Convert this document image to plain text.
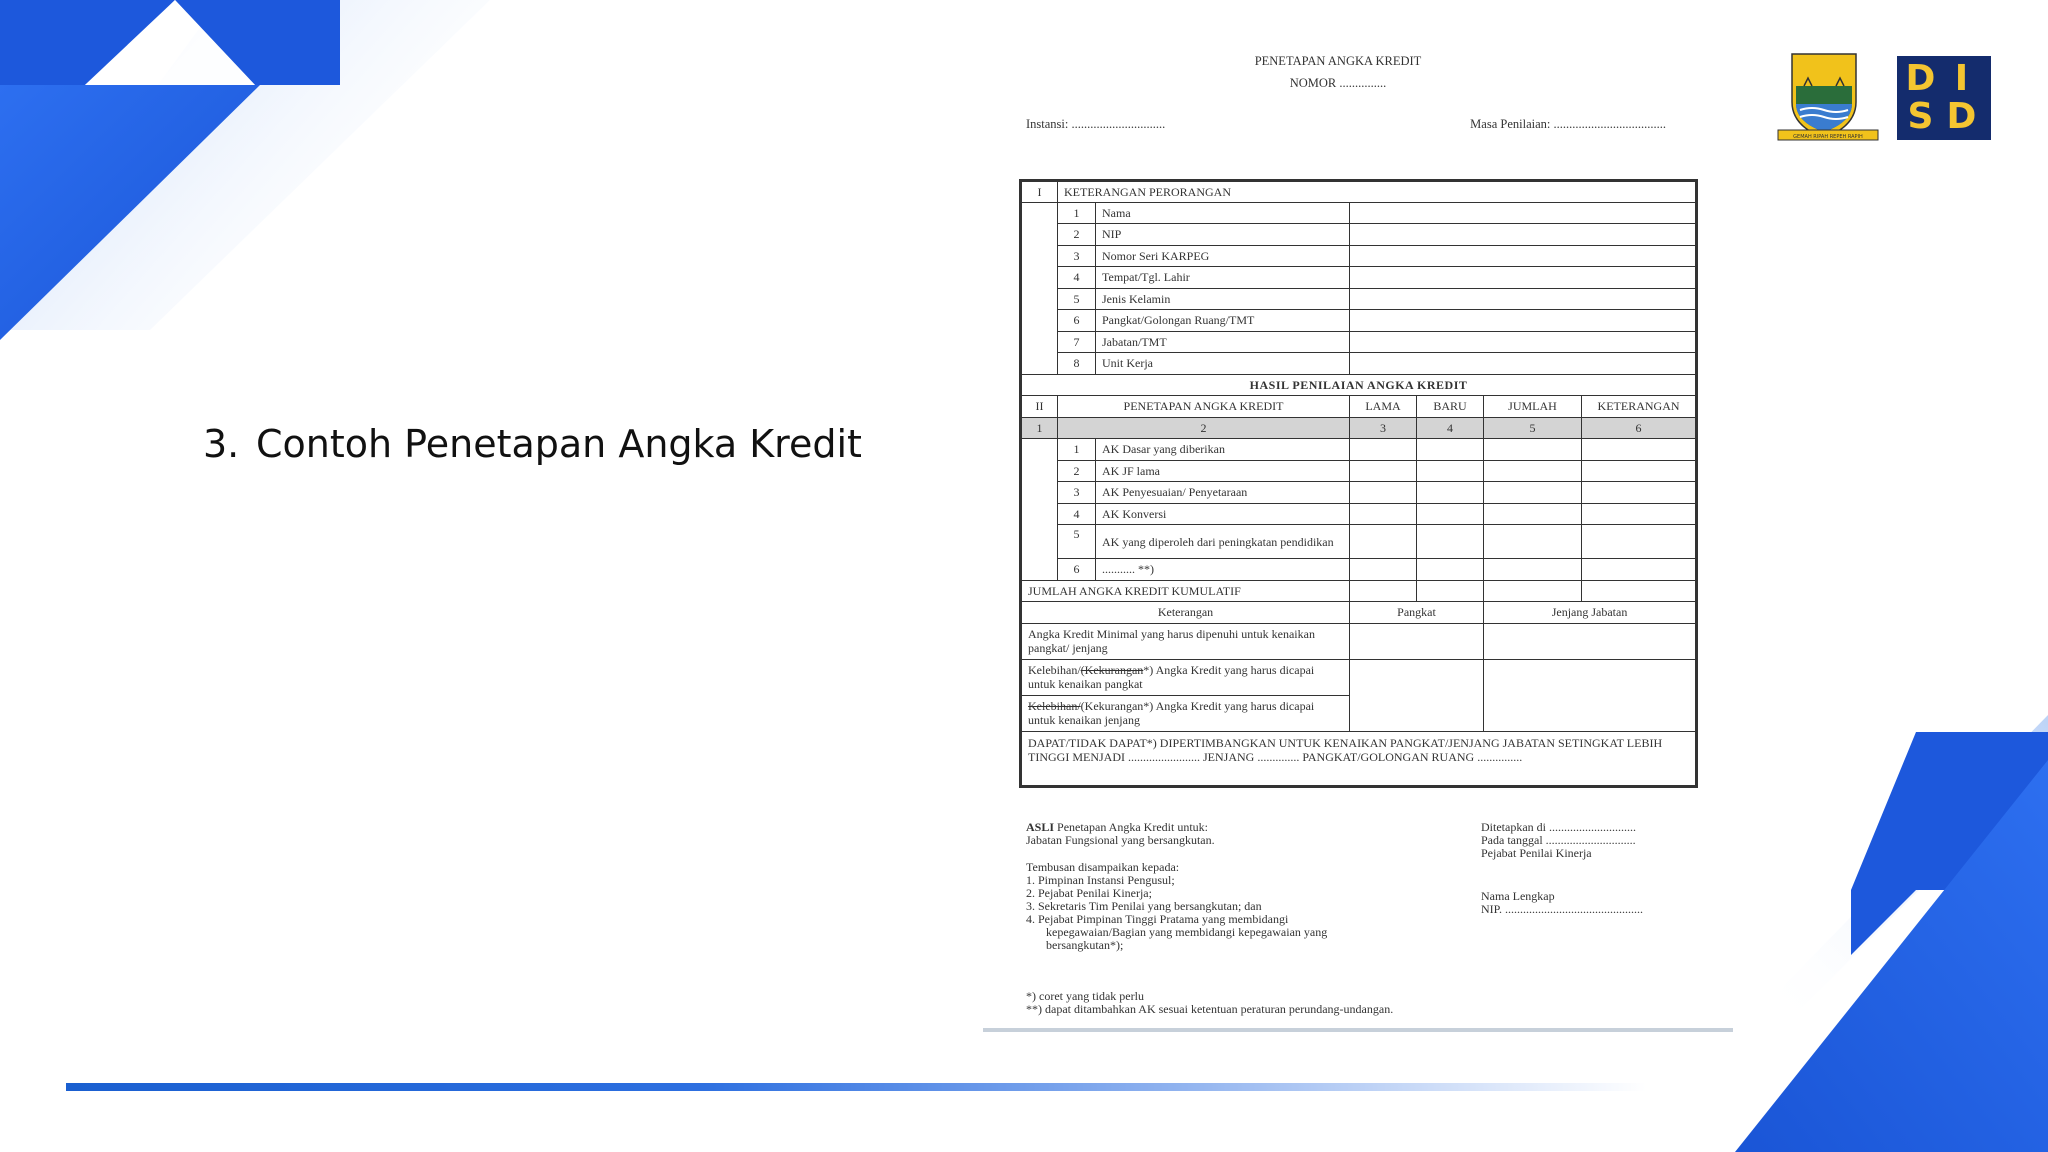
3. Contoh Penetapan Angka Kredit
GEMAH RIPAH REPEH RAPIH
D I
S D
PENETAPAN ANGKA KREDIT
NOMOR ...............
Instansi: ..............................	Masa Penilaian: ....................................
I	KETERANGAN PERORANGAN					
	1	Nama				
	2	NIP				
	3	Nomor Seri KARPEG				
	4	Tempat/Tgl. Lahir				
	5	Jenis Kelamin				
	6	Pangkat/Golongan Ruang/TMT				
	7	Jabatan/TMT				
	8	Unit Kerja				
HASIL PENILAIAN ANGKA KREDIT						
II	PENETAPAN ANGKA KREDIT		LAMA	BARU	JUMLAH	KETERANGAN
1	2		3	4	5	6
	1	AK Dasar yang diberikan				
	2	AK JF lama				
	3	AK Penyesuaian/ Penyetaraan				
	4	AK Konversi				
	5	AK yang diperoleh dari peningkatan pendidikan				
	6	........... **)				
JUMLAH ANGKA KREDIT KUMULATIF						
Keterangan			Pangkat		Jenjang Jabatan	
Angka Kredit Minimal yang harus dipenuhi untuk kenaikan pangkat/ jenjang						
Kelebihan/(Kekurangan*) Angka Kredit yang harus dicapai untuk kenaikan pangkat						
Kelebihan/(Kekurangan*) Angka Kredit yang harus dicapai untuk kenaikan jenjang						
DAPAT/TIDAK DAPAT*) DIPERTIMBANGKAN UNTUK KENAIKAN PANGKAT/JENJANG JABATAN SETINGKAT LEBIH TINGGI MENJADI ........................ JENJANG .............. PANGKAT/GOLONGAN RUANG ...............						
ASLI Penetapan Angka Kredit untuk:
Jabatan Fungsional yang bersangkutan.
Tembusan disampaikan kepada:
1. Pimpinan Instansi Pengusul;
2. Pejabat Penilai Kinerja;
3. Sekretaris Tim Penilai yang bersangkutan; dan
4. Pejabat Pimpinan Tinggi Pratama yang membidangi
kepegawaian/Bagian yang membidangi kepegawaian yang
bersangkutan*);
*) coret yang tidak perlu
**) dapat ditambahkan AK sesuai ketentuan peraturan perundang-undangan.
Ditetapkan di .............................
Pada tanggal ..............................
Pejabat Penilai Kinerja
Nama Lengkap
NIP. ..............................................
